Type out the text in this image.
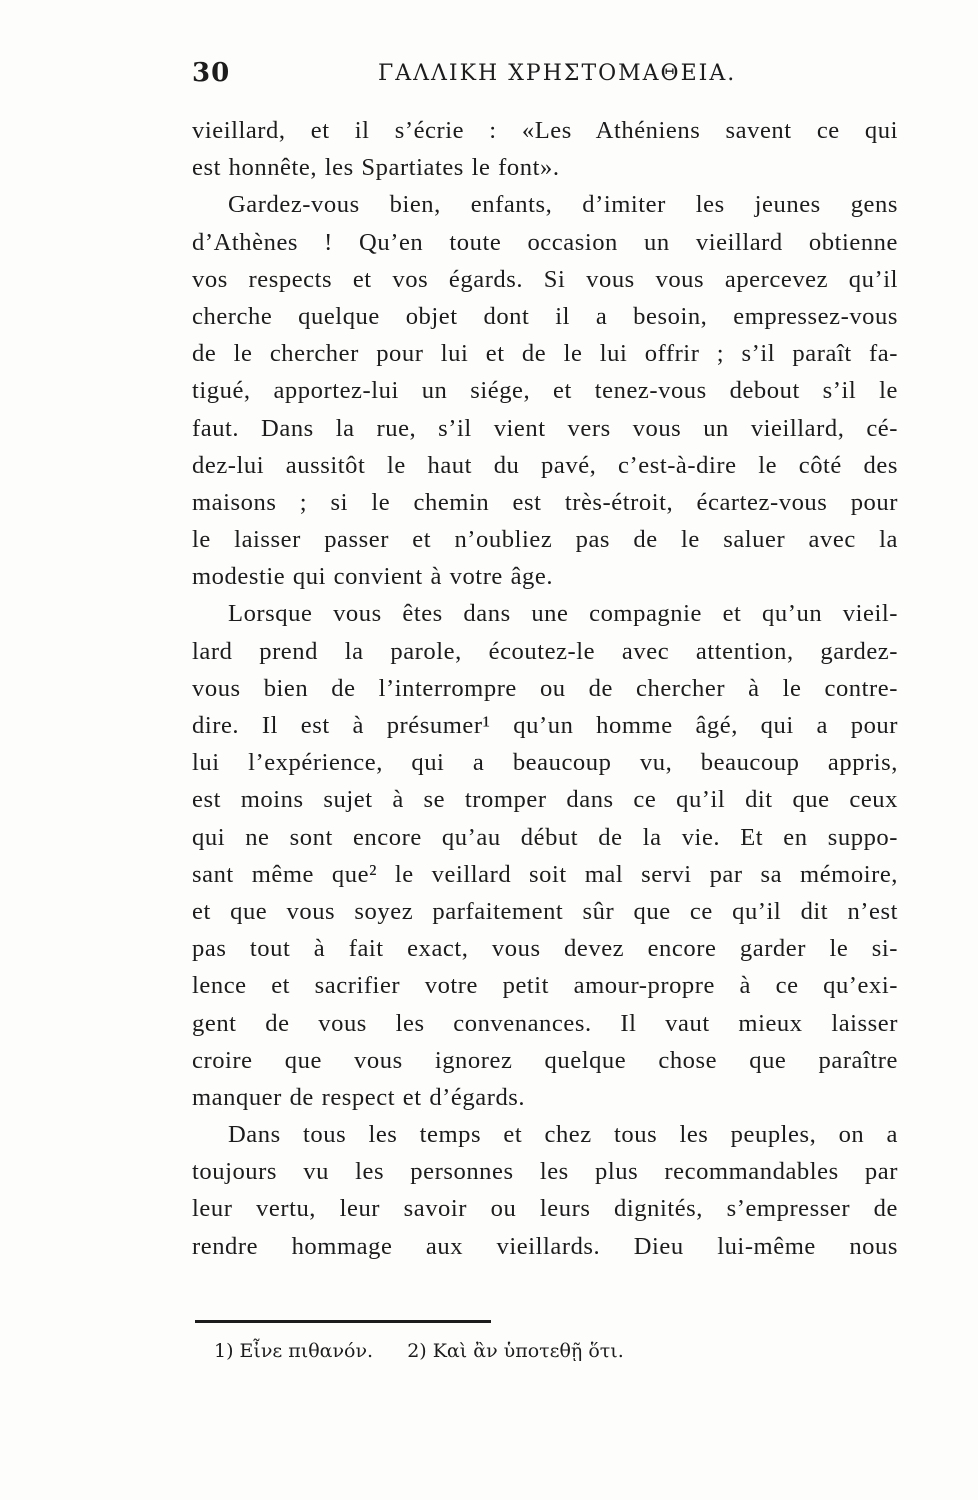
30	ΓΑΛΛΙΚΗ ΧΡΗΣΤΟΜΑΘΕΙΑ.
vieillard, et il s’écrie : «Les Athéniens savent ce qui
est honnête, les Spartiates le font».
Gardez-vous bien, enfants, d’imiter les jeunes gens
d’Athènes ! Qu’en toute occasion un vieillard obtienne
vos respects et vos égards. Si vous vous apercevez qu’il
cherche quelque objet dont il a besoin, empressez-vous
de le chercher pour lui et de le lui offrir ; s’il paraît fa-
tigué, apportez-lui un siége, et tenez-vous debout s’il le
faut. Dans la rue, s’il vient vers vous un vieillard, cé-
dez-lui aussitôt le haut du pavé, c’est-à-dire le côté des
maisons ; si le chemin est très-étroit, écartez-vous pour
le laisser passer et n’oubliez pas de le saluer avec la
modestie qui convient à votre âge.
Lorsque vous êtes dans une compagnie et qu’un vieil-
lard prend la parole, écoutez-le avec attention, gardez-
vous bien de l’interrompre ou de chercher à le contre-
dire. Il est à présumer¹ qu’un homme âgé, qui a pour
lui l’expérience, qui a beaucoup vu, beaucoup appris,
est moins sujet à se tromper dans ce qu’il dit que ceux
qui ne sont encore qu’au début de la vie. Et en suppo-
sant même que² le veillard soit mal servi par sa mémoire,
et que vous soyez parfaitement sûr que ce qu’il dit n’est
pas tout à fait exact, vous devez encore garder le si-
lence et sacrifier votre petit amour-propre à ce qu’exi-
gent de vous les convenances. Il vaut mieux laisser
croire que vous ignorez quelque chose que paraître
manquer de respect et d’égards.
Dans tous les temps et chez tous les peuples, on a
toujours vu les personnes les plus recommandables par
leur vertu, leur savoir ou leurs dignités, s’empresser de
rendre hommage aux vieillards. Dieu lui-même nous
1) Εἶνε πιθανόν. 2) Καὶ ἂν ὑποτεθῇ ὅτι.
